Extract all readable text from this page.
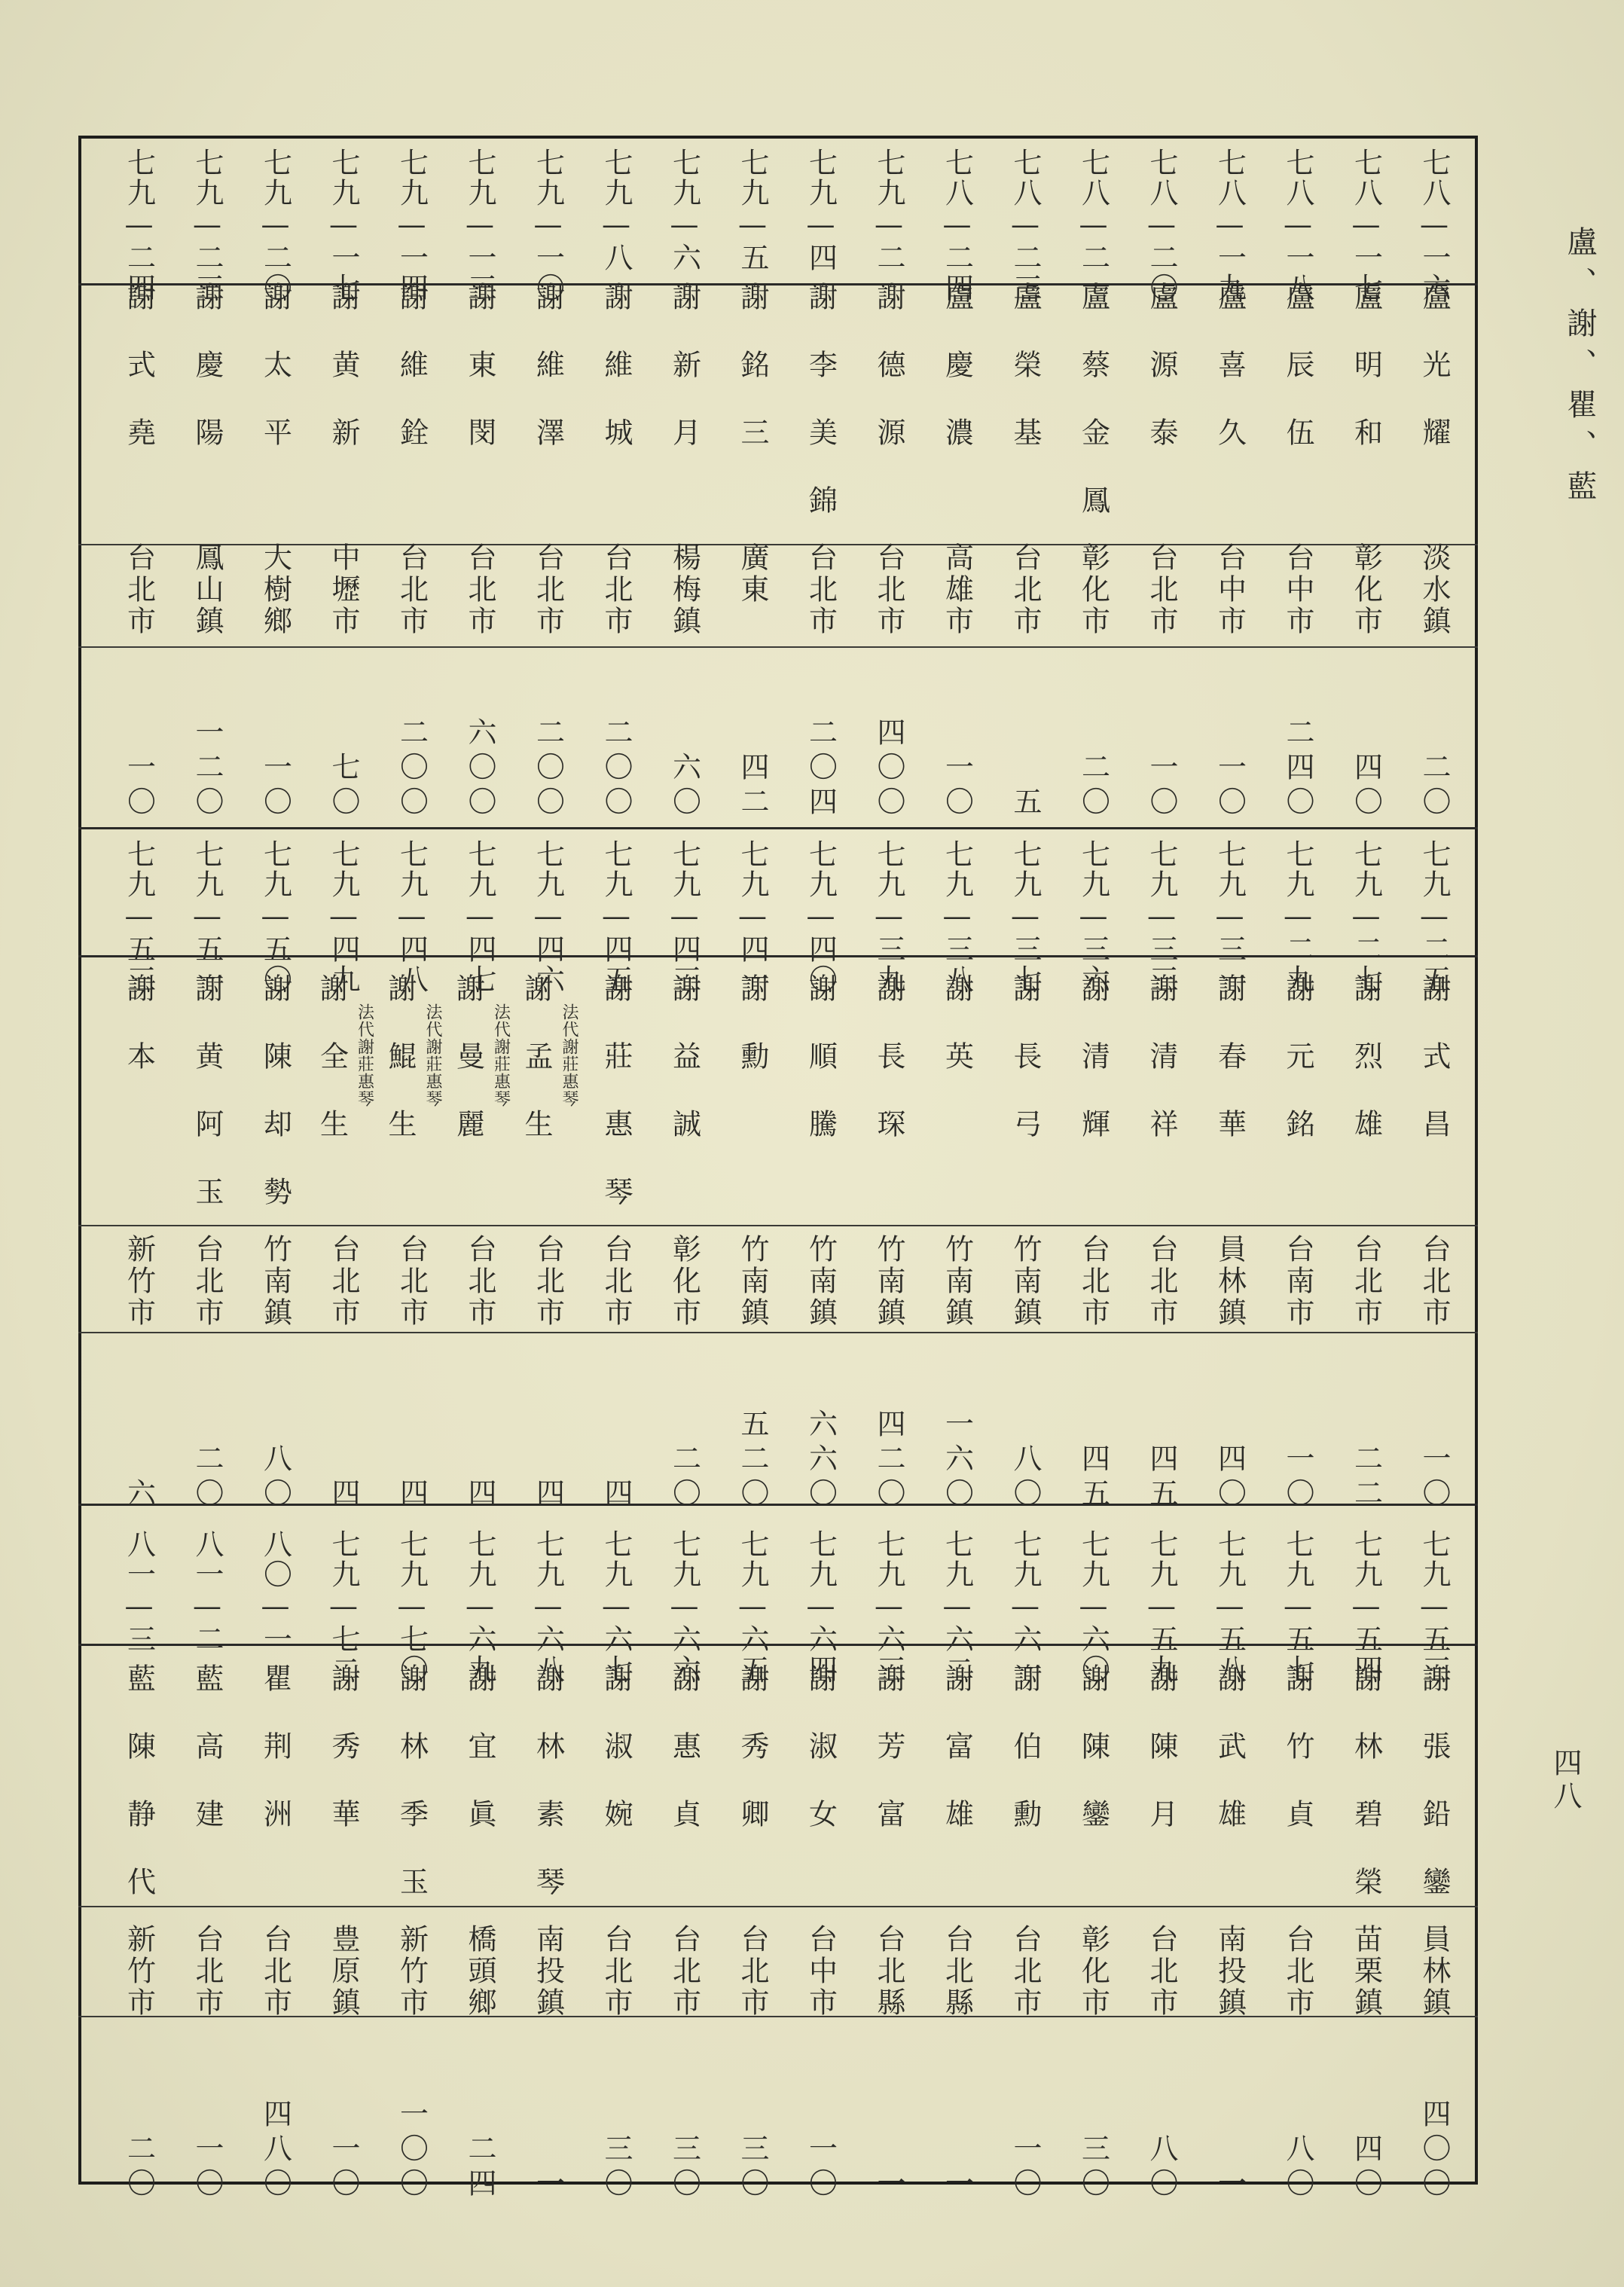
七八—一六
盧光耀
淡水鎮
二〇
七八—一七
盧明和
彰化市
四〇
七八—一八
盧辰伍
台中市
二四〇
七八—一九
盧喜久
台中市
一〇
七八—二〇
盧源泰
台北市
一〇
七八—二一
盧蔡金鳳
彰化市
二〇
七八—二三
盧榮基
台北市
五
七八—二四
盧慶濃
高雄市
一〇
七九—二
謝德源
台北市
四〇〇
七九—四
謝李美錦
台北市
二〇四
七九—五
謝銘三
廣東
四二
七九—六
謝新月
楊梅鎮
六〇
七九—八
謝維城
台北市
二〇〇
七九—一〇
謝維澤
台北市
二〇〇
七九—一三
謝東閔
台北市
六〇〇
七九—一四
謝維銓
台北市
二〇〇
七九—一七
謝黄新
中壢市
七〇
七九—二〇
謝太平
大樹鄉
一〇
七九—二三
謝慶陽
鳳山鎮
一二〇
七九—二四
謝式堯
台北市
一〇
七九—二五
謝式昌
台北市
一〇
七九—二七
謝烈雄
台北市
二二
七九—二九
謝元銘
台南市
一〇
七九—三一
謝春華
員林鎮
四〇
七九—三三
謝清祥
台北市
四五
七九—三六
謝清輝
台北市
四五
七九—三七
謝長弓
竹南鎮
八〇
七九—三八
謝英
竹南鎮
一六〇
七九—三九
謝長琛
竹南鎮
四二〇
七九—四〇
謝順騰
竹南鎮
六六〇
七九—四一
謝勳
竹南鎮
五二〇
七九—四三
謝益誠
彰化市
二〇
七九—四五
謝莊惠琴
台北市
四
七九—四六
謝孟生 法代謝莊惠琴
台北市
四
七九—四七
謝曼麗 法代謝莊惠琴
台北市
四
七九—四八
謝鯤生 法代謝莊惠琴
台北市
四
七九—四九
謝全生 法代謝莊惠琴
台北市
四
七九—五〇
謝陳却勢
竹南鎮
八〇
七九—五一
謝黄阿玉
台北市
二〇
七九—五三
謝本
新竹市
六
七九—五三
謝張鉛鑾
員林鎮
四〇〇
七九—五四
謝林碧榮
苗栗鎮
四〇
七九—五七
謝竹貞
台北市
八〇
七九—五八
謝武雄
南投鎮
一
七九—五九
謝陳月
台北市
八〇
七九—六〇
謝陳鑾
彰化市
三〇
七九—六一
謝伯勳
台北市
一〇
七九—六二
謝富雄
台北縣
一
七九—六三
謝芳富
台北縣
一
七九—六四
謝淑女
台中市
一〇
七九—六五
謝秀卿
台北市
三〇
七九—六六
謝惠貞
台北市
三〇
七九—六七
謝淑婉
台北市
三〇
七九—六八
謝林素琴
南投鎮
一
七九—六九
謝宜眞
橋頭鄉
二四
七九—七〇
謝林季玉
新竹市
一〇〇
七九—七二
謝秀華
豊原鎮
一〇
八〇—一
瞿荆洲
台北市
四八〇
八一—二
藍高建
台北市
一〇
八一—三
藍陳静代
新竹市
二〇
盧、謝、瞿、藍
四八
